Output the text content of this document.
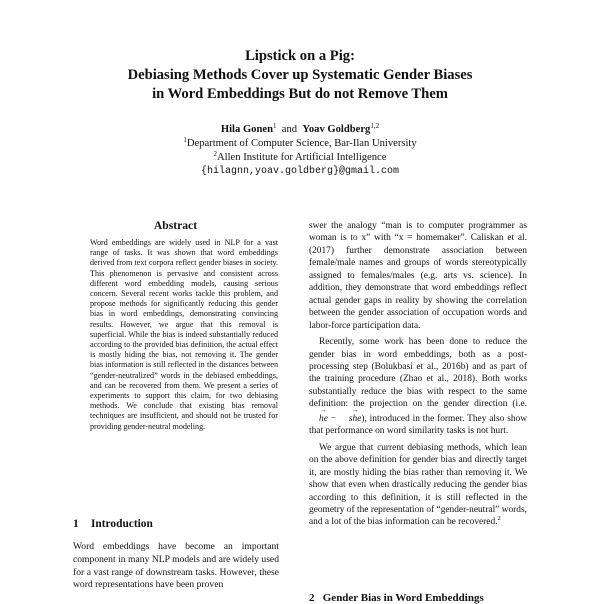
Lipstick on a Pig:
Debiasing Methods Cover up Systematic Gender Biases
in Word Embeddings But do not Remove Them
Hila Gonen$^1$ and Yoav Goldberg$^{1,2}$
$^1$Department of Computer Science, Bar-Ilan University
$^2$Allen Institute for Artificial Intelligence
{hilagnn,yoav.goldberg}@gmail.com
Abstract
Word embeddings are widely used in NLP for a vast range of tasks. It was shown that word embeddings derived from text corpora reflect gender biases in society. This phenomenon is pervasive and consistent across different word embedding models, causing serious concern. Several recent works tackle this problem, and propose methods for significantly reducing this gender bias in word embeddings, demonstrating convincing results. However, we argue that this removal is superficial. While the bias is indeed substantially reduced according to the provided bias definition, the actual effect is mostly hiding the bias, not removing it. The gender bias information is still reflected in the distances between “gender-neutralized” words in the debiased embeddings, and can be recovered from them. We present a series of experiments to support this claim, for two debiasing methods. We conclude that existing bias removal techniques are insufficient, and should not be trusted for providing gender-neutral modeling.
1 Introduction
Word embeddings have become an important component in many NLP models and are widely used for a vast range of downstream tasks. However, these word representations have been proven

swer the analogy “man is to computer programmer as woman is to x” with “x = homemaker”. Caliskan et al. (2017) further demonstrate association between female/male names and groups of words stereotypically assigned to females/males (e.g. arts vs. science). In addition, they demonstrate that word embeddings reflect actual gender gaps in reality by showing the correlation between the gender association of occupation words and labor-force participation data.

Recently, some work has been done to reduce the gender bias in word embeddings, both as a post-processing step (Bolukbasi et al., 2016b) and as part of the training procedure (Zhao et al., 2018). Both works substantially reduce the bias with respect to the same definition: the projection on the gender direction (i.e. → he − → she), introduced in the former. They also show that performance on word similarity tasks is not hurt.

We argue that current debiasing methods, which lean on the above definition for gender bias and directly target it, are mostly hiding the bias rather than removing it. We show that even when drastically reducing the gender bias according to this definition, it is still reflected in the geometry of the representation of “gender-neutral” words, and a lot of the bias information can be recovered.$^2$

2 Gender Bias in Word Embeddings
